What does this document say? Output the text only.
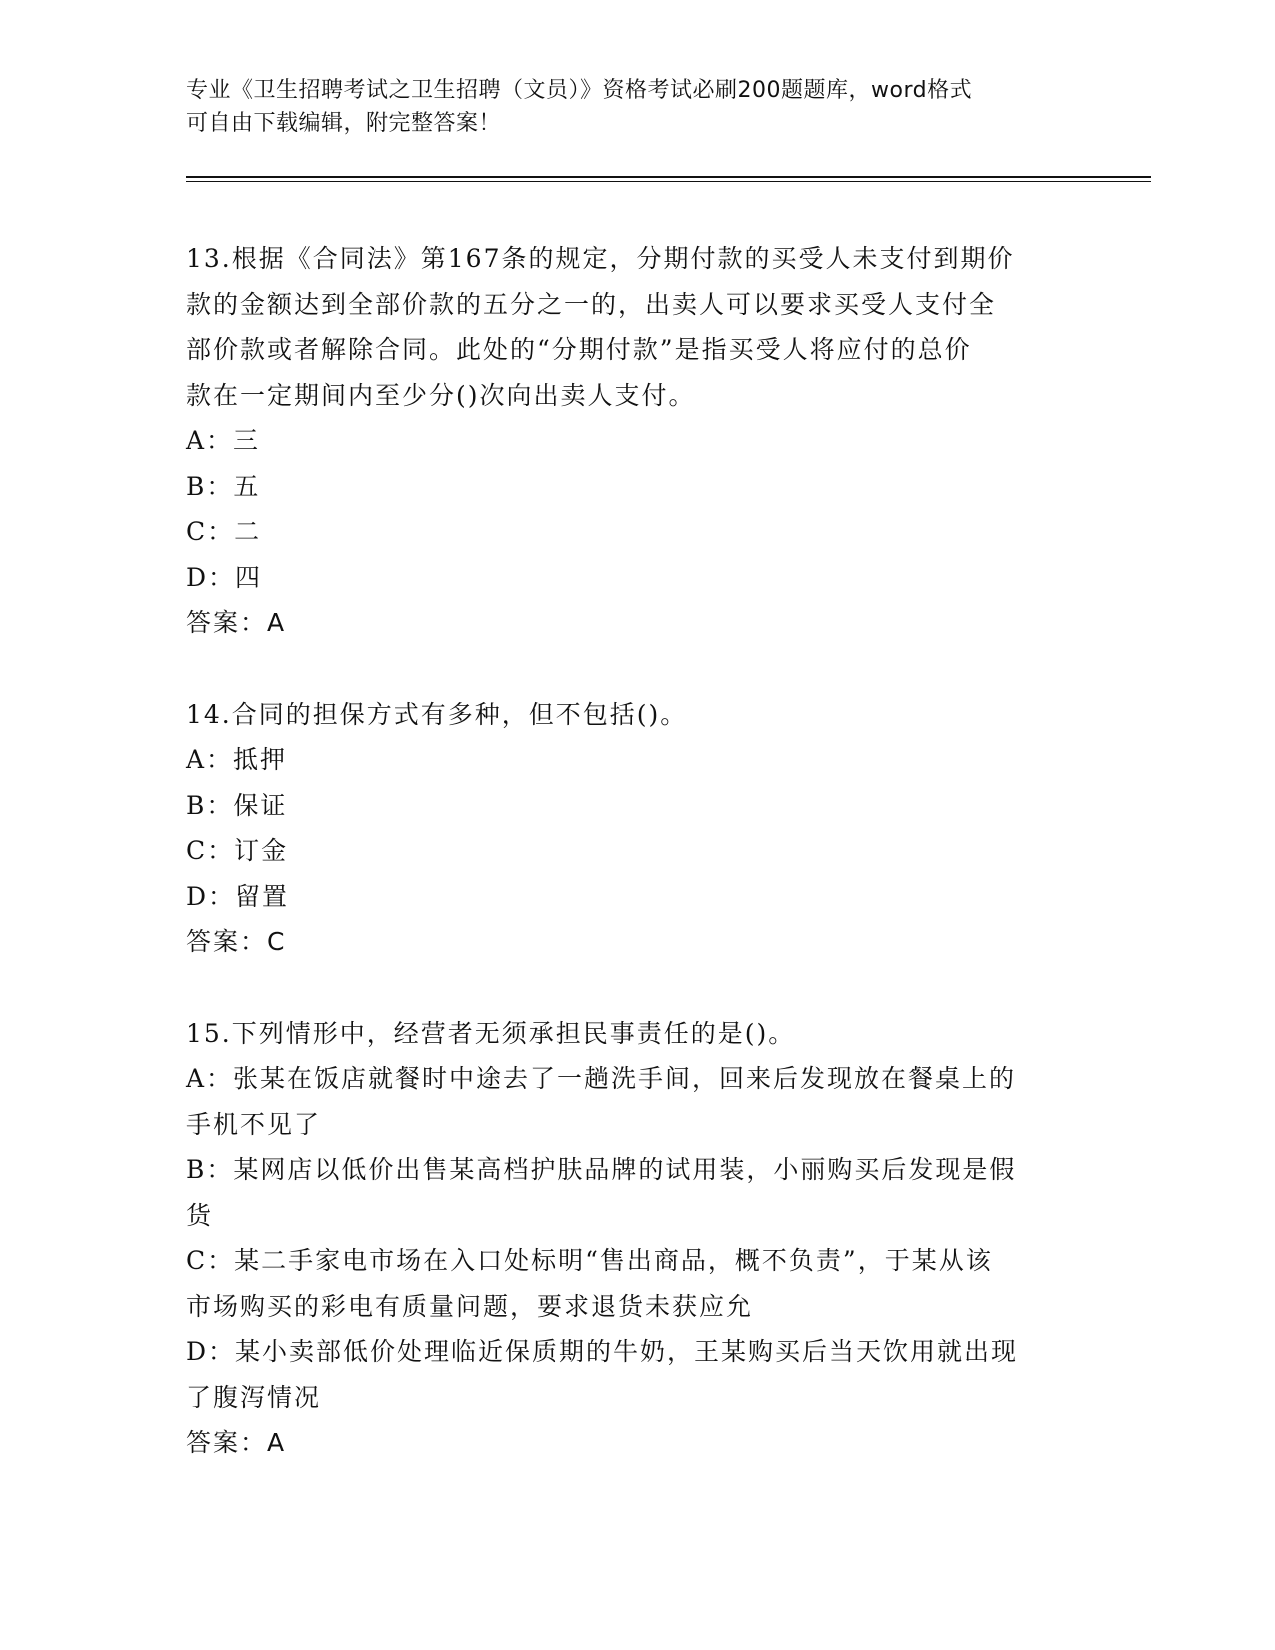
专业《卫生招聘考试之卫生招聘（文员）》资格考试必刷200题题库，word格式
可自由下载编辑，附完整答案！
13.根据《合同法》第167条的规定，分期付款的买受人未支付到期价
款的金额达到全部价款的五分之一的，出卖人可以要求买受人支付全
部价款或者解除合同。此处的“分期付款”是指买受人将应付的总价
款在一定期间内至少分()次向出卖人支付。
A：三
B：五
C：二
D：四
答案：A
14.合同的担保方式有多种，但不包括()。
A：抵押
B：保证
C：订金
D：留置
答案：C
15.下列情形中，经营者无须承担民事责任的是()。
A：张某在饭店就餐时中途去了一趟洗手间，回来后发现放在餐桌上的
手机不见了
B：某网店以低价出售某高档护肤品牌的试用装，小丽购买后发现是假
货
C：某二手家电市场在入口处标明“售出商品，概不负责”，于某从该
市场购买的彩电有质量问题，要求退货未获应允
D：某小卖部低价处理临近保质期的牛奶，王某购买后当天饮用就出现
了腹泻情况
答案：A
